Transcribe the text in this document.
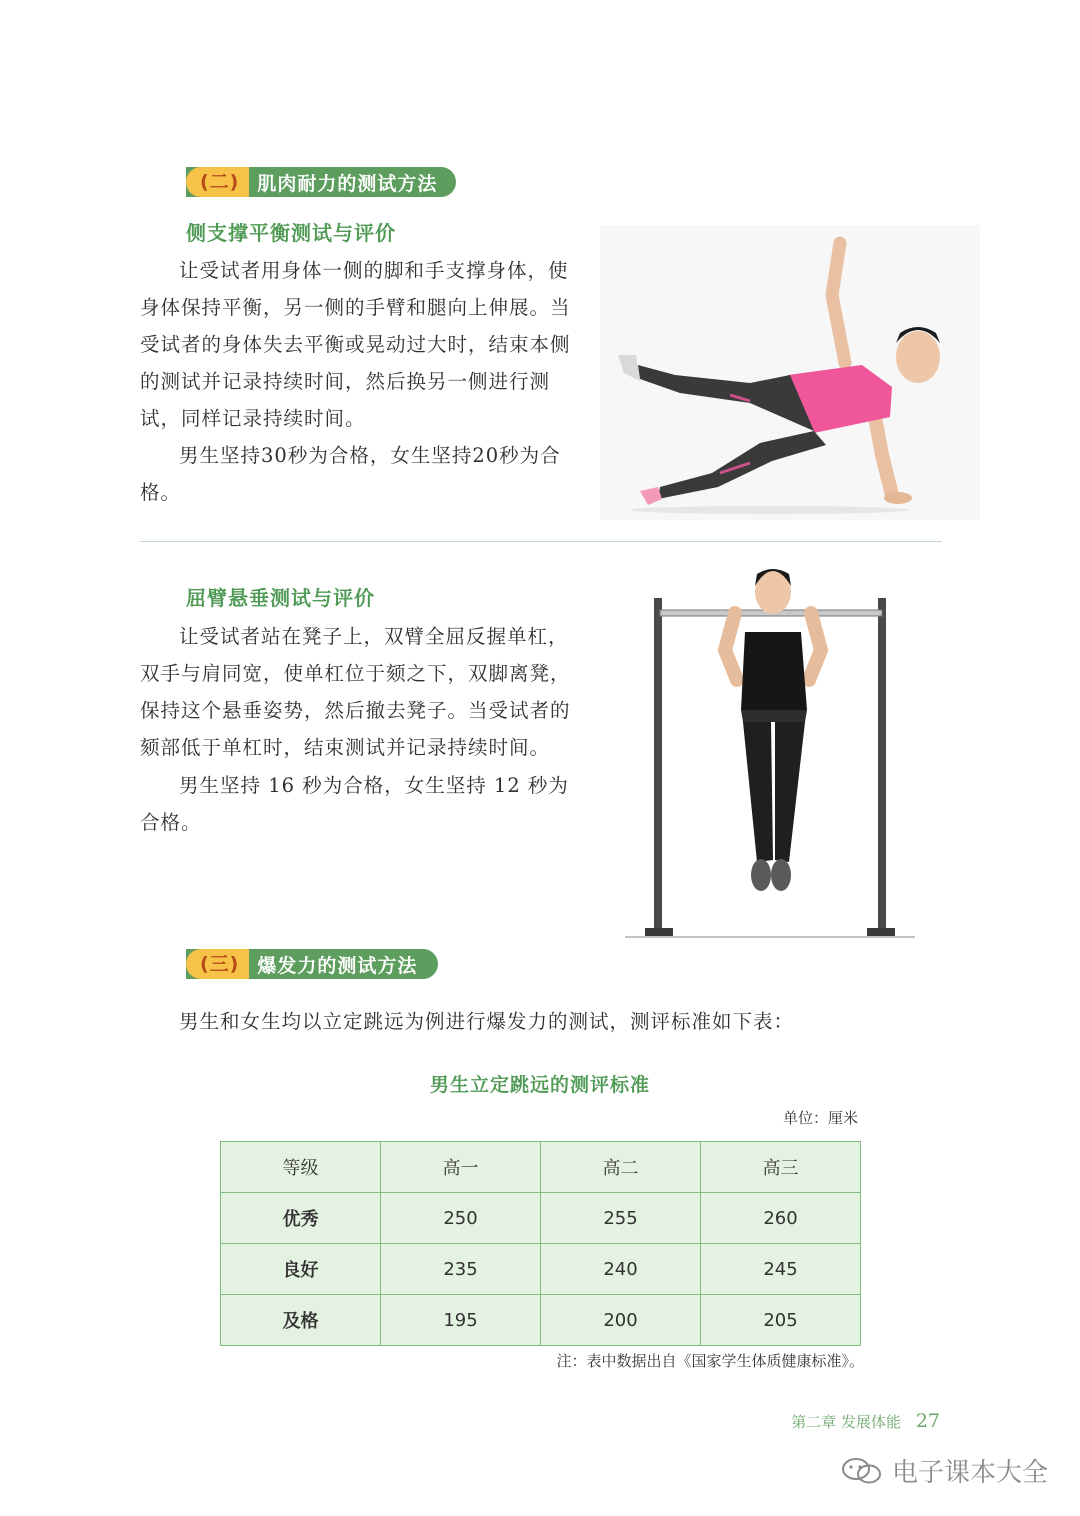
(二) 肌肉耐力的测试方法
侧支撑平衡测试与评价

让受试者用身体一侧的脚和手支撑身体，使身体保持平衡，另一侧的手臂和腿向上伸展。当受试者的身体失去平衡或晃动过大时，结束本侧的测试并记录持续时间，然后换另一侧进行测试，同样记录持续时间。

男生坚持30秒为合格，女生坚持20秒为合格。

屈臂悬垂测试与评价

让受试者站在凳子上，双臂全屈反握单杠，双手与肩同宽，使单杠位于颏之下，双脚离凳，保持这个悬垂姿势，然后撤去凳子。当受试者的颏部低于单杠时，结束测试并记录持续时间。

男生坚持 16 秒为合格，女生坚持 12 秒为合格。

(三) 爆发力的测试方法

男生和女生均以立定跳远为例进行爆发力的测试，测评标准如下表：

男生立定跳远的测评标准
单位：厘米
等级	高一	高二	高三
优秀	250	255	260
良好	235	240	245
及格	195	200	205
注：表中数据出自《国家学生体质健康标准》。
第二章 发展体能 27
电子课本大全
